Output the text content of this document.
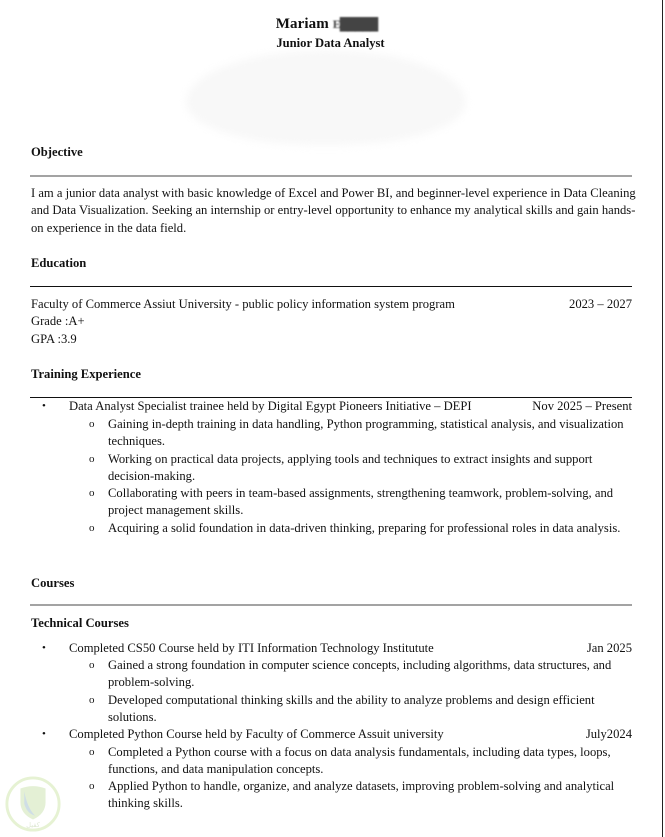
Mariam E█████
Junior Data Analyst
Objective
I am a junior data analyst with basic knowledge of Excel and Power BI, and beginner-level experience in Data Cleaning and Data Visualization. Seeking an internship or entry-level opportunity to enhance my analytical skills and gain hands-on experience in the data field.
Education
Faculty of Commerce Assiut University - public policy information system program	2023 – 2027
Grade :A+
GPA :3.9
Training Experience
• Data Analyst Specialist trainee held by Digital Egypt Pioneers Initiative – DEPI	Nov 2025 – Present
o Gaining in-depth training in data handling, Python programming, statistical analysis, and visualization techniques.
o Working on practical data projects, applying tools and techniques to extract insights and support decision-making.
o Collaborating with peers in team-based assignments, strengthening teamwork, problem-solving, and project management skills.
o Acquiring a solid foundation in data-driven thinking, preparing for professional roles in data analysis.
Courses
Technical Courses
• Completed CS50 Course held by ITI Information Technology Institutute	Jan 2025
o Gained a strong foundation in computer science concepts, including algorithms, data structures, and problem-solving.
o Developed computational thinking skills and the ability to analyze problems and design efficient solutions.
• Completed Python Course held by Faculty of Commerce Assuit university	July2024
o Completed a Python course with a focus on data analysis fundamentals, including data types, loops, functions, and data manipulation concepts.
o Applied Python to handle, organize, and analyze datasets, improving problem-solving and analytical thinking skills.
كفيل
